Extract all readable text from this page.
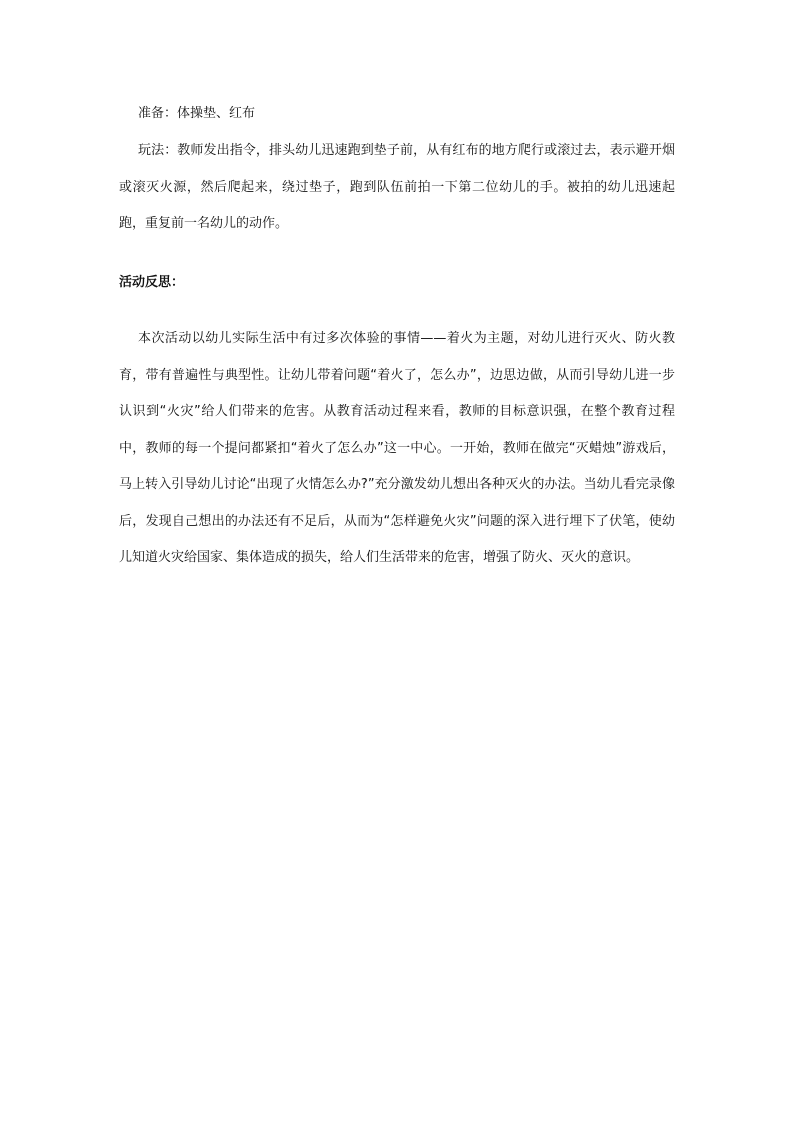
准备：体操垫、红布

玩法：教师发出指令，排头幼儿迅速跑到垫子前，从有红布的地方爬行或滚过去，表示避开烟或滚灭火源，然后爬起来，绕过垫子，跑到队伍前拍一下第二位幼儿的手。被拍的幼儿迅速起跑，重复前一名幼儿的动作。

活动反思：

本次活动以幼儿实际生活中有过多次体验的事情——着火为主题，对幼儿进行灭火、防火教育，带有普遍性与典型性。让幼儿带着问题“着火了，怎么办”，边思边做，从而引导幼儿进一步认识到“火灾”给人们带来的危害。从教育活动过程来看，教师的目标意识强，在整个教育过程中，教师的每一个提问都紧扣“着火了怎么办”这一中心。一开始，教师在做完“灭蜡烛”游戏后，马上转入引导幼儿讨论“出现了火情怎么办?”充分激发幼儿想出各种灭火的办法。当幼儿看完录像后，发现自己想出的办法还有不足后，从而为“怎样避免火灾”问题的深入进行埋下了伏笔，使幼儿知道火灾给国家、集体造成的损失，给人们生活带来的危害，增强了防火、灭火的意识。
